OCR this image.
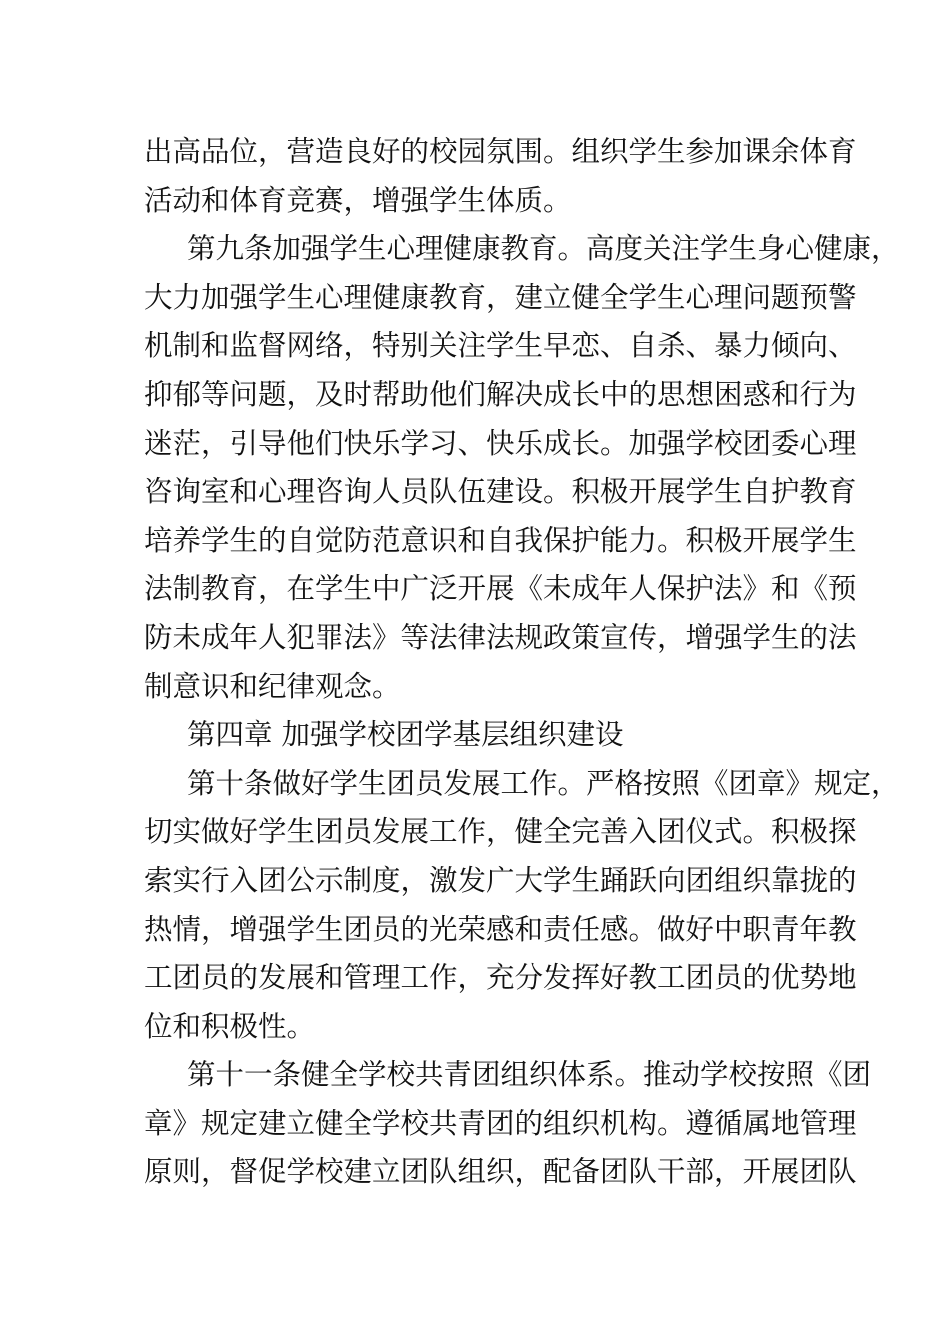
出高品位，营造良好的校园氛围。组织学生参加课余体育
活动和体育竞赛，增强学生体质。
第九条加强学生心理健康教育。高度关注学生身心健康，
大力加强学生心理健康教育，建立健全学生心理问题预警
机制和监督网络，特别关注学生早恋、自杀、暴力倾向、
抑郁等问题，及时帮助他们解决成长中的思想困惑和行为
迷茫，引导他们快乐学习、快乐成长。加强学校团委心理
咨询室和心理咨询人员队伍建设。积极开展学生自护教育
培养学生的自觉防范意识和自我保护能力。积极开展学生
法制教育，在学生中广泛开展《未成年人保护法》和《预
防未成年人犯罪法》等法律法规政策宣传，增强学生的法
制意识和纪律观念。
第四章 加强学校团学基层组织建设
第十条做好学生团员发展工作。严格按照《团章》规定，
切实做好学生团员发展工作，健全完善入团仪式。积极探
索实行入团公示制度，激发广大学生踊跃向团组织靠拢的
热情，增强学生团员的光荣感和责任感。做好中职青年教
工团员的发展和管理工作，充分发挥好教工团员的优势地
位和积极性。
第十一条健全学校共青团组织体系。推动学校按照《团
章》规定建立健全学校共青团的组织机构。遵循属地管理
原则，督促学校建立团队组织，配备团队干部，开展团队
